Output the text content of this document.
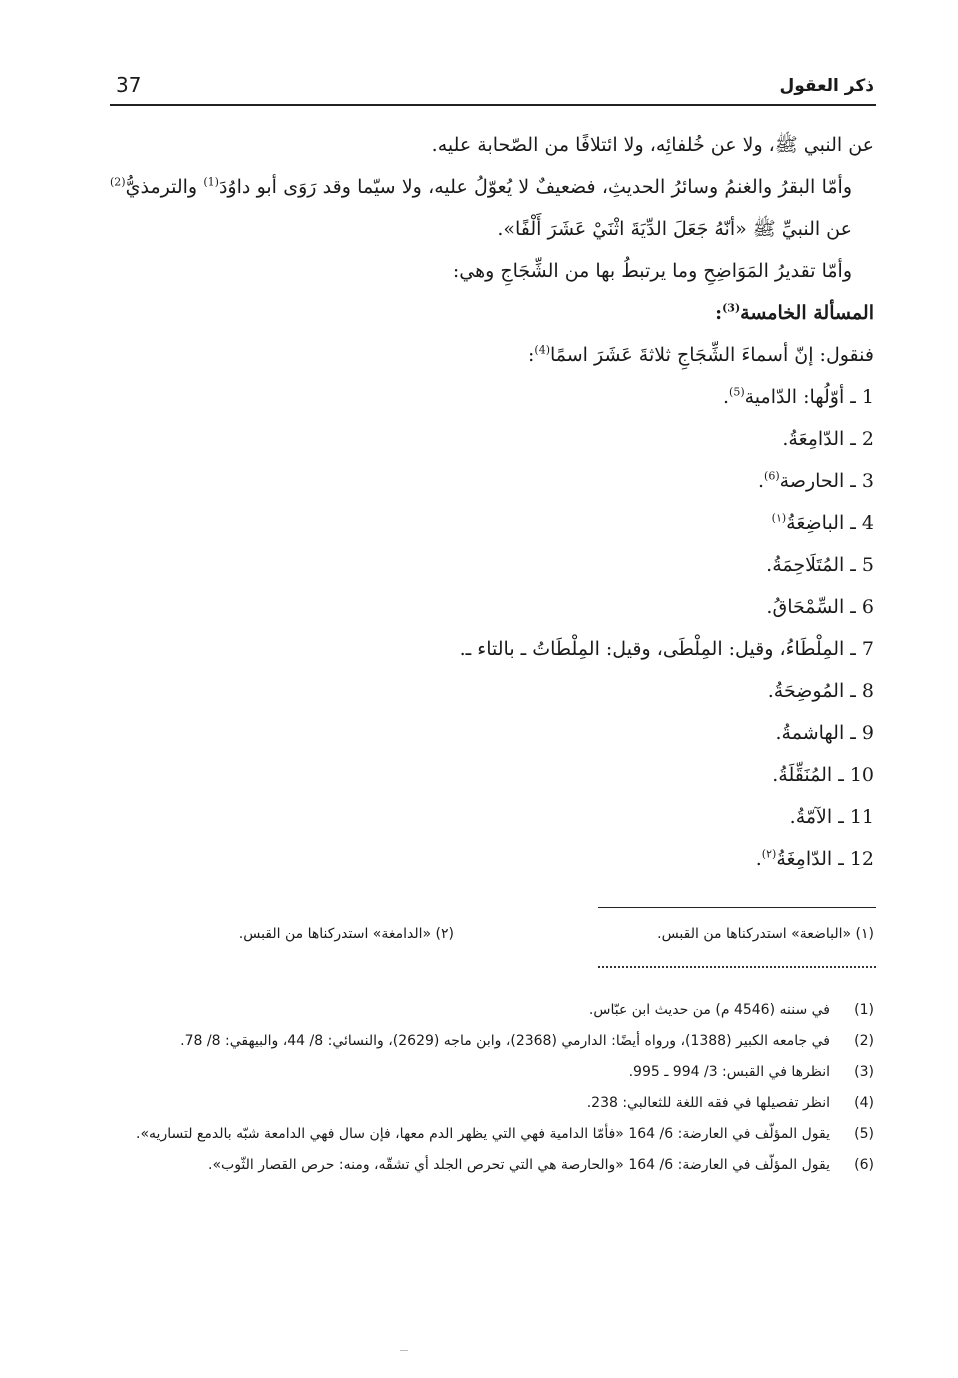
37	ذكر العقول

عن النبي ﷺ، ولا عن خُلفائِه، ولا ائتلافًا من الصّحابة عليه.

وأمّا البقرُ والغنمُ وسائرُ الحديثِ، فضعيفٌ لا يُعوّلُ عليه، ولا سيّما وقد رَوَى أبو داوُدَ$^{(1)}$ والترمذيُّ$^{(2)}$ عن النبيِّ ﷺ «أنّهُ جَعَلَ الدِّيَةَ اثْنَيْ عَشَرَ أَلْفًا».

وأمّا تقديرُ المَوَاضِحِ وما يرتبطُ بها من الشِّجَاجِ وهي:

المسألة الخامسة$^{(3)}$:

فنقول: إنّ أسماءَ الشِّجَاجِ ثلاثةَ عَشَرَ اسمًا$^{(4)}$:

1 ـ أوّلُها: الدّامية$^{(5)}$.

2 ـ الدّامِعَةُ.

3 ـ الحارصة$^{(6)}$.

4 ـ الباضِعَةُ$^{(١)}$

5 ـ المُتَلَاحِمَةُ.

6 ـ السِّمْحَاقُ.

7 ـ المِلْطَاءُ، وقيل: المِلْطَى، وقيل: المِلْطَاتُ ـ بالتاء ـ.

8 ـ المُوضِحَةُ.

9 ـ الهاشمةُ.

10 ـ المُنَقِّلَةُ.

11 ـ الآمّةُ.

12 ـ الدّامِغَةُ$^{(٢)}$.

(١) «الباضعة» استدركناها من القبس.
(٢) «الدامغة» استدركناها من القبس.
(1)
في سننه (4546 م) من حديث ابن عبّاس.
(2)
في جامعه الكبير (1388)، ورواه أيضًا: الدارمي (2368)، وابن ماجه (2629)، والنسائي: 8/ 44، والبيهقي: 8/ 78.
(3)
انظرها في القبس: 3/ 994 ـ 995.
(4)
انظر تفصيلها في فقه اللغة للثعالبي: 238.
(5)
يقول المؤلّف في العارضة: 6/ 164 «فأمّا الدامية فهي التي يظهر الدم معها، فإن سال فهي الدامعة شبّه بالدمع لتساريه».
(6)
يقول المؤلّف في العارضة: 6/ 164 «والحارصة هي التي تحرص الجلد أي تشقّه، ومنه: حرص القصار الثّوب».
